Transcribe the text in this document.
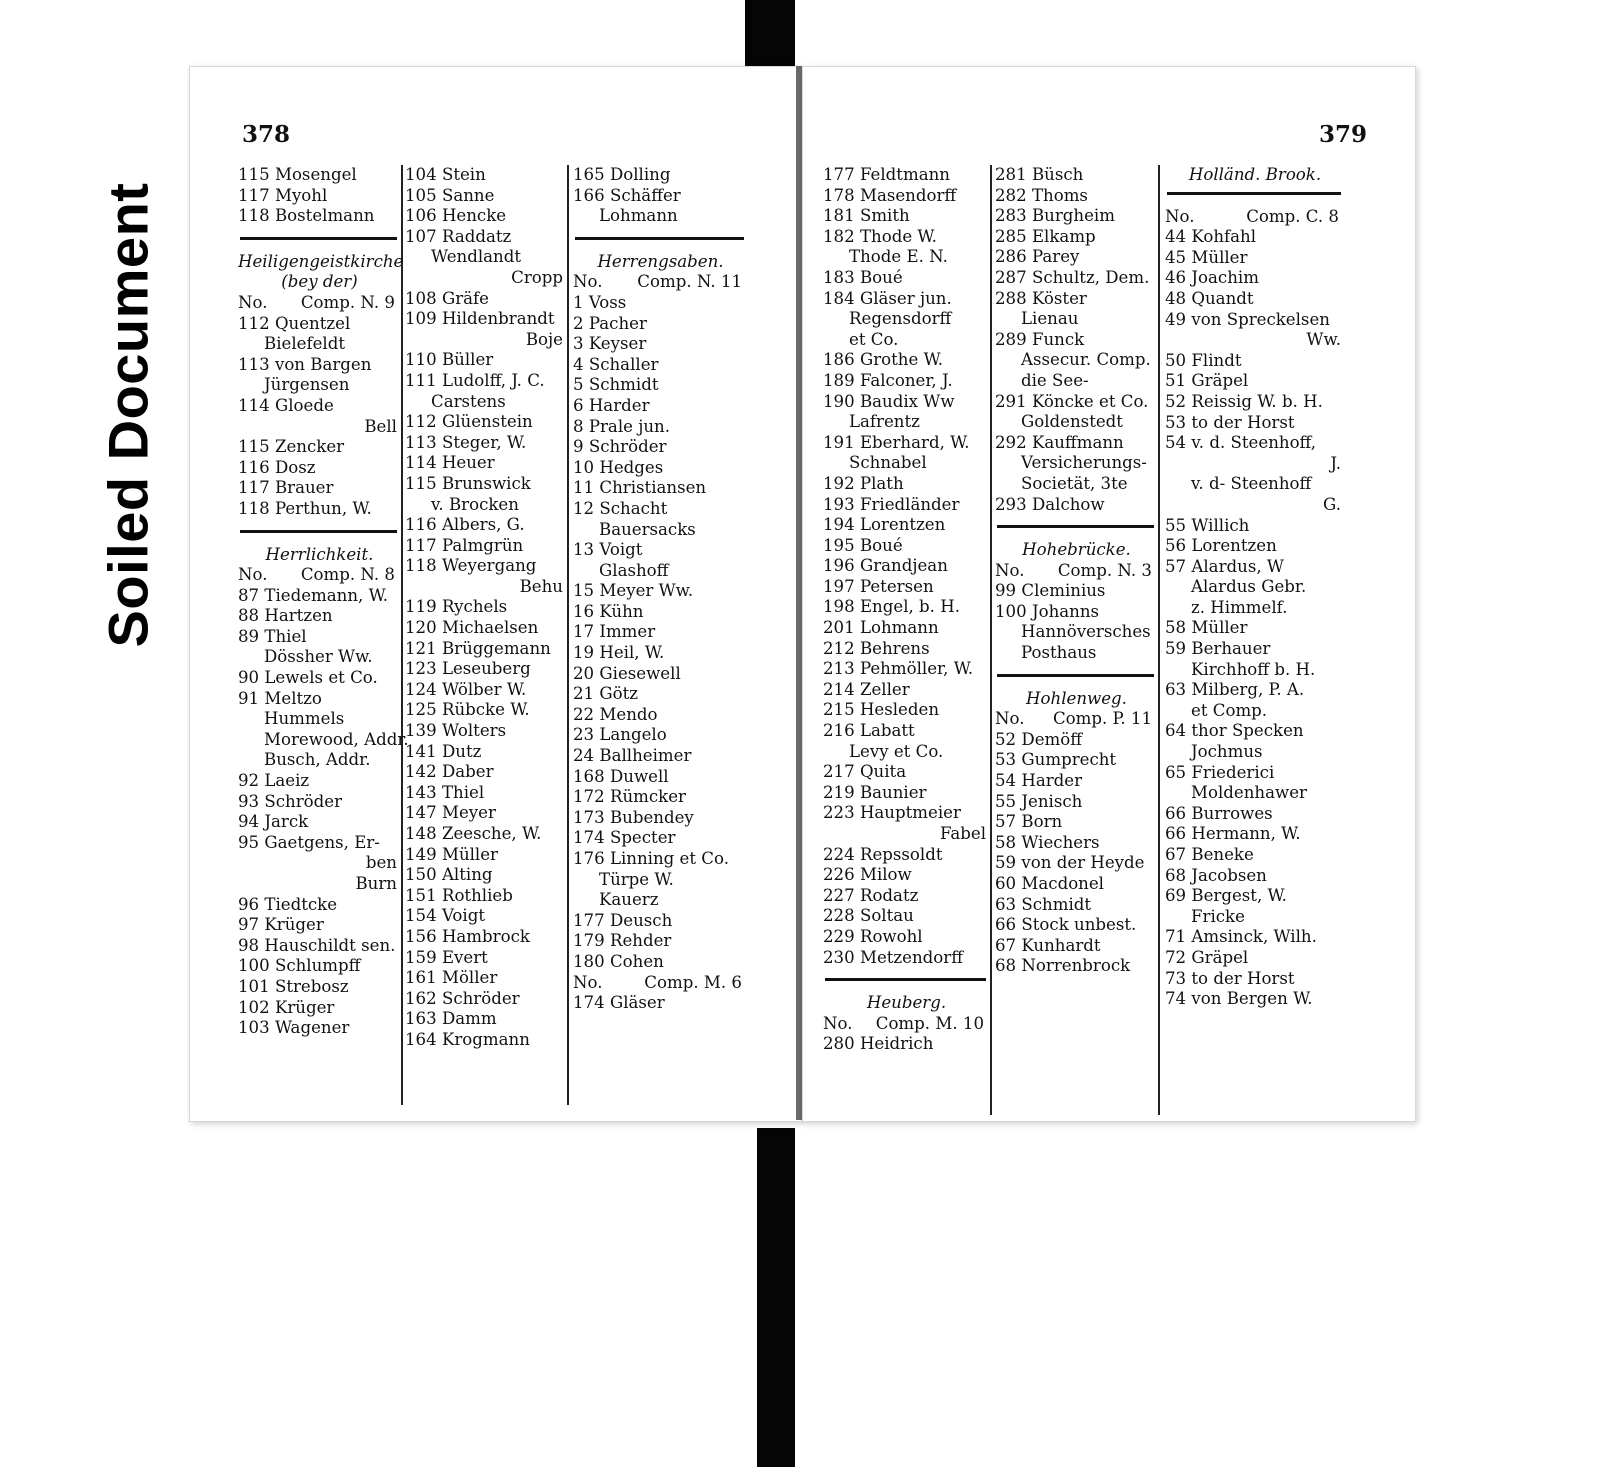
Soiled Document
378
115 Mosengel
117 Myohl
118 Bostelmann
Heiligengeistkirche
(bey der)
No. Comp. N. 9
112 Quentzel
Bielefeldt
113 von Bargen
Jürgensen
114 Gloede
Bell
115 Zencker
116 Dosz
117 Brauer
118 Perthun, W.
Herrlichkeit.
No. Comp. N. 8
87 Tiedemann, W.
88 Hartzen
89 Thiel
Dössher Ww.
90 Lewels et Co.
91 Meltzo
Hummels
Morewood, Addr.
Busch, Addr.
92 Laeiz
93 Schröder
94 Jarck
95 Gaetgens, Er-
ben
Burn
96 Tiedtcke
97 Krüger
98 Hauschildt sen.
100 Schlumpff
101 Strebosz
102 Krüger
103 Wagener
104 Stein
105 Sanne
106 Hencke
107 Raddatz
Wendlandt
Cropp
108 Gräfe
109 Hildenbrandt
Boje
110 Büller
111 Ludolff, J. C.
Carstens
112 Glüenstein
113 Steger, W.
114 Heuer
115 Brunswick
v. Brocken
116 Albers, G.
117 Palmgrün
118 Weyergang
Behu
119 Rychels
120 Michaelsen
121 Brüggemann
123 Leseuberg
124 Wölber W.
125 Rübcke W.
139 Wolters
141 Dutz
142 Daber
143 Thiel
147 Meyer
148 Zeesche, W.
149 Müller
150 Alting
151 Rothlieb
154 Voigt
156 Hambrock
159 Evert
161 Möller
162 Schröder
163 Damm
164 Krogmann
165 Dolling
166 Schäffer
Lohmann
Herrengsaben.
No. Comp. N. 11
1 Voss
2 Pacher
3 Keyser
4 Schaller
5 Schmidt
6 Harder
8 Prale jun.
9 Schröder
10 Hedges
11 Christiansen
12 Schacht
Bauersacks
13 Voigt
Glashoff
15 Meyer Ww.
16 Kühn
17 Immer
19 Heil, W.
20 Giesewell
21 Götz
22 Mendo
23 Langelo
24 Ballheimer
168 Duwell
172 Rümcker
173 Bubendey
174 Specter
176 Linning et Co.
Türpe W.
Kauerz
177 Deusch
179 Rehder
180 Cohen
No.	Comp. M. 6
174 Gläser
379
177 Feldtmann
178 Masendorff
181 Smith
182 Thode W.
Thode E. N.
183 Boué
184 Gläser jun.
Regensdorff
et Co.
186 Grothe W.
189 Falconer, J.
190 Baudix Ww
Lafrentz
191 Eberhard, W.
Schnabel
192 Plath
193 Friedländer
194 Lorentzen
195 Boué
196 Grandjean
197 Petersen
198 Engel, b. H.
201 Lohmann
212 Behrens
213 Pehmöller, W.
214 Zeller
215 Hesleden
216 Labatt
Levy et Co.
217 Quita
219 Baunier
223 Hauptmeier
Fabel
224 Repssoldt
226 Milow
227 Rodatz
228 Soltau
229 Rowohl
230 Metzendorff
Heuberg.
No. Comp. M. 10
280 Heidrich
281 Büsch
282 Thoms
283 Burgheim
285 Elkamp
286 Parey
287 Schultz, Dem.
288 Köster
Lienau
289 Funck
Assecur. Comp.
die See-
291 Köncke et Co.
Goldenstedt
292 Kauffmann
Versicherungs-
Societät, 3te
293 Dalchow
Hohebrücke.
No. Comp. N. 3
99 Cleminius
100 Johanns
Hannöversches
Posthaus
Hohlenweg.
No. Comp. P. 11
52 Demöff
53 Gumprecht
54 Harder
55 Jenisch
57 Born
58 Wiechers
59 von der Heyde
60 Macdonel
63 Schmidt
66 Stock unbest.
67 Kunhardt
68 Norrenbrock
Holländ. Brook.
No.	Comp. C. 8
44 Kohfahl
45 Müller
46 Joachim
48 Quandt
49 von Spreckelsen
Ww.
50 Flindt
51 Gräpel
52 Reissig W. b. H.
53 to der Horst
54 v. d. Steenhoff,
J.
v. d- Steenhoff
G.
55 Willich
56 Lorentzen
57 Alardus, W
Alardus Gebr.
z. Himmelf.
58 Müller
59 Berhauer
Kirchhoff b. H.
63 Milberg, P. A.
et Comp.
64 thor Specken
Jochmus
65 Friederici
Moldenhawer
66 Burrowes
66 Hermann, W.
67 Beneke
68 Jacobsen
69 Bergest, W.
Fricke
71 Amsinck, Wilh.
72 Gräpel
73 to der Horst
74 von Bergen W.
